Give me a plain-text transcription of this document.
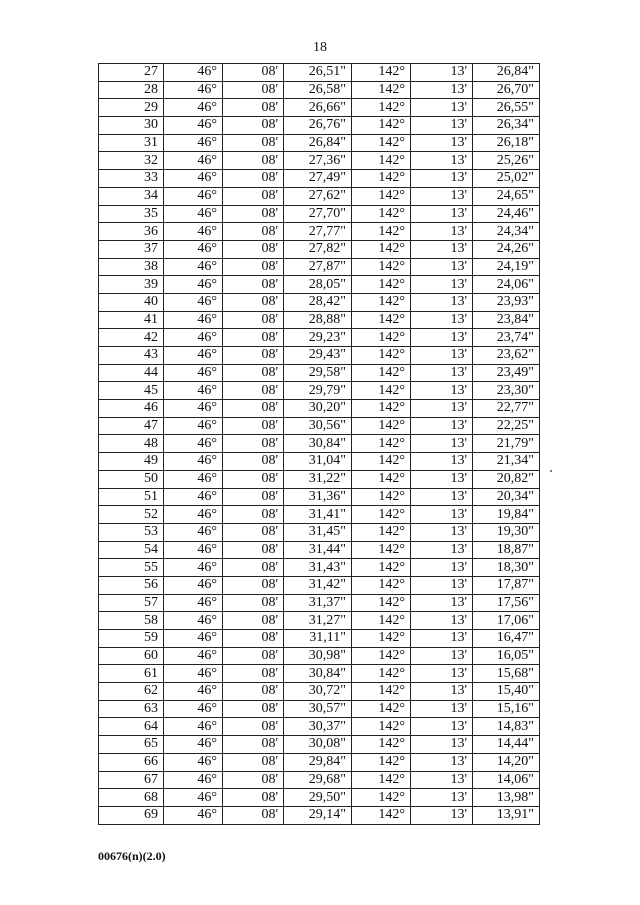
18
27	46°	08'	26,51"	142°	13'	26,84"
28	46°	08'	26,58"	142°	13'	26,70"
29	46°	08'	26,66"	142°	13'	26,55"
30	46°	08'	26,76"	142°	13'	26,34"
31	46°	08'	26,84"	142°	13'	26,18"
32	46°	08'	27,36"	142°	13'	25,26"
33	46°	08'	27,49"	142°	13'	25,02"
34	46°	08'	27,62"	142°	13'	24,65"
35	46°	08'	27,70"	142°	13'	24,46"
36	46°	08'	27,77"	142°	13'	24,34"
37	46°	08'	27,82"	142°	13'	24,26"
38	46°	08'	27,87"	142°	13'	24,19"
39	46°	08'	28,05"	142°	13'	24,06"
40	46°	08'	28,42"	142°	13'	23,93"
41	46°	08'	28,88"	142°	13'	23,84"
42	46°	08'	29,23"	142°	13'	23,74"
43	46°	08'	29,43"	142°	13'	23,62"
44	46°	08'	29,58"	142°	13'	23,49"
45	46°	08'	29,79"	142°	13'	23,30"
46	46°	08'	30,20"	142°	13'	22,77"
47	46°	08'	30,56"	142°	13'	22,25"
48	46°	08'	30,84"	142°	13'	21,79"
49	46°	08'	31,04"	142°	13'	21,34"
50	46°	08'	31,22"	142°	13'	20,82"
51	46°	08'	31,36"	142°	13'	20,34"
52	46°	08'	31,41"	142°	13'	19,84"
53	46°	08'	31,45"	142°	13'	19,30"
54	46°	08'	31,44"	142°	13'	18,87"
55	46°	08'	31,43"	142°	13'	18,30"
56	46°	08'	31,42"	142°	13'	17,87"
57	46°	08'	31,37"	142°	13'	17,56"
58	46°	08'	31,27"	142°	13'	17,06"
59	46°	08'	31,11"	142°	13'	16,47"
60	46°	08'	30,98"	142°	13'	16,05"
61	46°	08'	30,84"	142°	13'	15,68"
62	46°	08'	30,72"	142°	13'	15,40"
63	46°	08'	30,57"	142°	13'	15,16"
64	46°	08'	30,37"	142°	13'	14,83"
65	46°	08'	30,08"	142°	13'	14,44"
66	46°	08'	29,84"	142°	13'	14,20"
67	46°	08'	29,68"	142°	13'	14,06"
68	46°	08'	29,50"	142°	13'	13,98"
69	46°	08'	29,14"	142°	13'	13,91"
00676(n)(2.0)
